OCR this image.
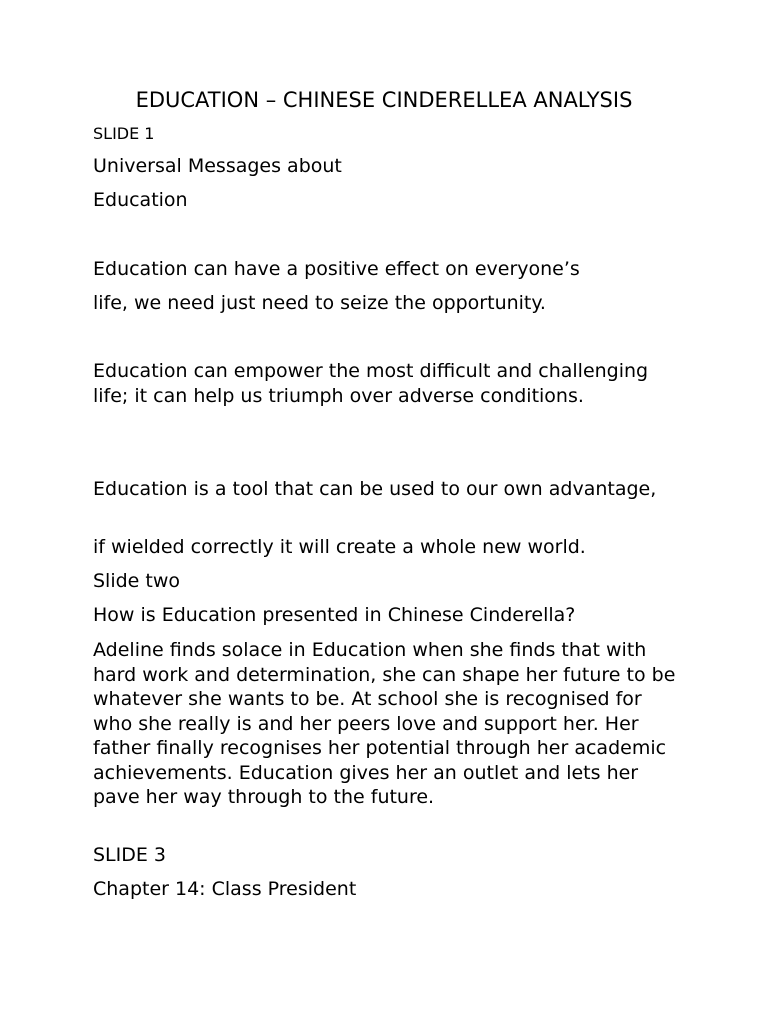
EDUCATION – CHINESE CINDERELLEA ANALYSIS
SLIDE 1
Universal Messages about
Education
Education can have a positive effect on everyone’s
life, we need just need to seize the opportunity.
Education can empower the most difficult and challenging life; it can help us triumph over adverse conditions.
Education is a tool that can be used to our own advantage,
if wielded correctly it will create a whole new world.
Slide two
How is Education presented in Chinese Cinderella?
Adeline finds solace in Education when she finds that with hard work and determination, she can shape her future to be whatever she wants to be. At school she is recognised for who she really is and her peers love and support her. Her father finally recognises her potential through her academic achievements. Education gives her an outlet and lets her pave her way through to the future.
SLIDE 3
Chapter 14: Class President
